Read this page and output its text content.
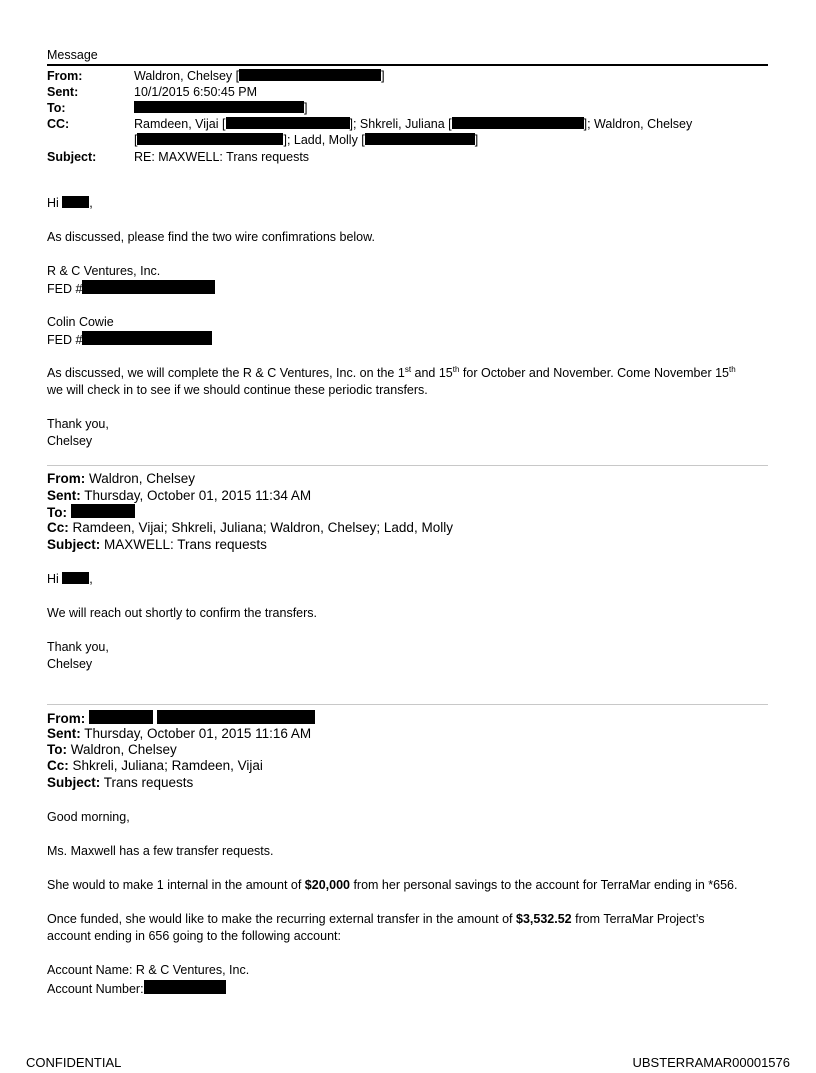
Message
From:	Waldron, Chelsey [	]
Sent:	10/1/2015 6:50:45 PM
To:	]
CC:	Ramdeen, Vijai [	]; Shkreli, Juliana [	]; Waldron, Chelsey
[	]; Ladd, Molly [	]
Subject:	RE: MAXWELL: Trans requests
Hi ,
As discussed, please find the two wire confimrations below.
R & C Ventures, Inc.
FED #
Colin Cowie
FED #
As discussed, we will complete the R & C Ventures, Inc. on the 1st and 15th for October and November. Come November 15th
we will check in to see if we should continue these periodic transfers.
Thank you,
Chelsey
From: Waldron, Chelsey
Sent: Thursday, October 01, 2015 11:34 AM
To:
Cc: Ramdeen, Vijai; Shkreli, Juliana; Waldron, Chelsey; Ladd, Molly
Subject: MAXWELL: Trans requests
Hi ,
We will reach out shortly to confirm the transfers.
Thank you,
Chelsey
From:
Sent: Thursday, October 01, 2015 11:16 AM
To: Waldron, Chelsey
Cc: Shkreli, Juliana; Ramdeen, Vijai
Subject: Trans requests
Good morning,
Ms. Maxwell has a few transfer requests.
She would to make 1 internal in the amount of $20,000 from her personal savings to the account for TerraMar ending in *656.
Once funded, she would like to make the recurring external transfer in the amount of $3,532.52 from TerraMar Project’s
account ending in 656 going to the following account:
Account Name: R & C Ventures, Inc.
Account Number:
CONFIDENTIAL	UBSTERRAMAR00001576
